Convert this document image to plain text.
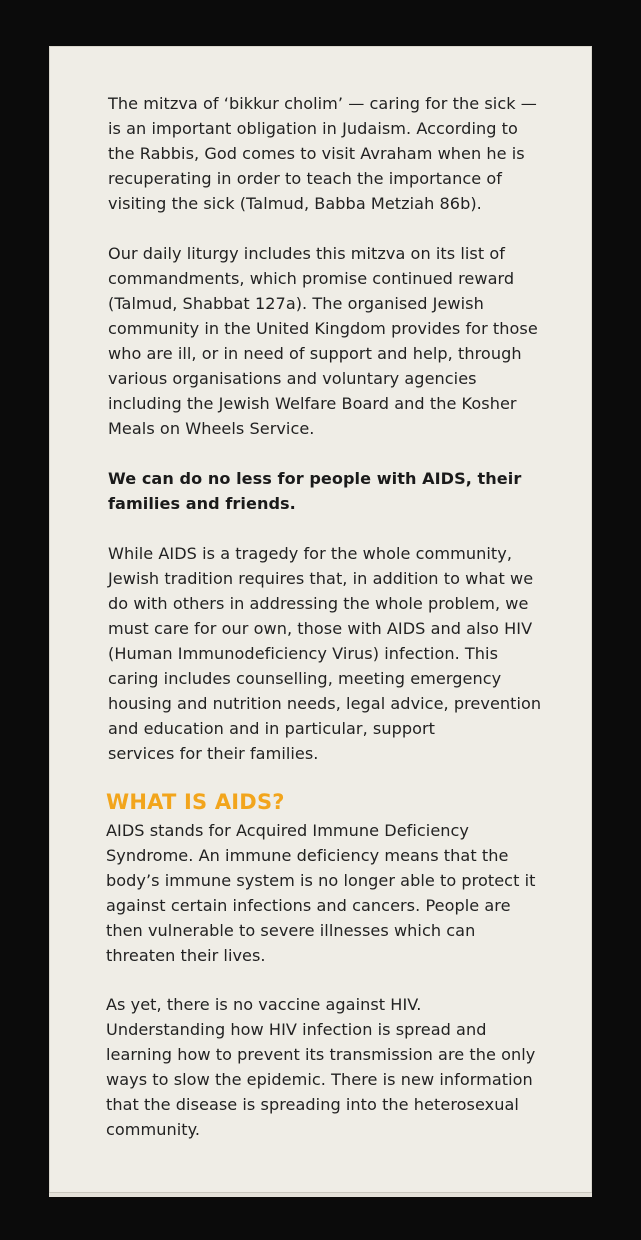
The mitzva of ‘bikkur cholim’ — caring for the sick —
is an important obligation in Judaism. According to
the Rabbis, God comes to visit Avraham when he is
recuperating in order to teach the importance of
visiting the sick (Talmud, Babba Metziah 86b).

Our daily liturgy includes this mitzva on its list of
commandments, which promise continued reward
(Talmud, Shabbat 127a). The organised Jewish
community in the United Kingdom provides for those
who are ill, or in need of support and help, through
various organisations and voluntary agencies
including the Jewish Welfare Board and the Kosher
Meals on Wheels Service.

We can do no less for people with AIDS, their
families and friends.

While AIDS is a tragedy for the whole community,
Jewish tradition requires that, in addition to what we
do with others in addressing the whole problem, we
must care for our own, those with AIDS and also HIV
(Human Immunodeficiency Virus) infection. This
caring includes counselling, meeting emergency
housing and nutrition needs, legal advice, prevention
and education and in particular, support
services for their families.

WHAT IS AIDS?

AIDS stands for Acquired Immune Deficiency
Syndrome. An immune deficiency means that the
body’s immune system is no longer able to protect it
against certain infections and cancers. People are
then vulnerable to severe illnesses which can
threaten their lives.

As yet, there is no vaccine against HIV.
Understanding how HIV infection is spread and
learning how to prevent its transmission are the only
ways to slow the epidemic. There is new information
that the disease is spreading into the heterosexual
community.
